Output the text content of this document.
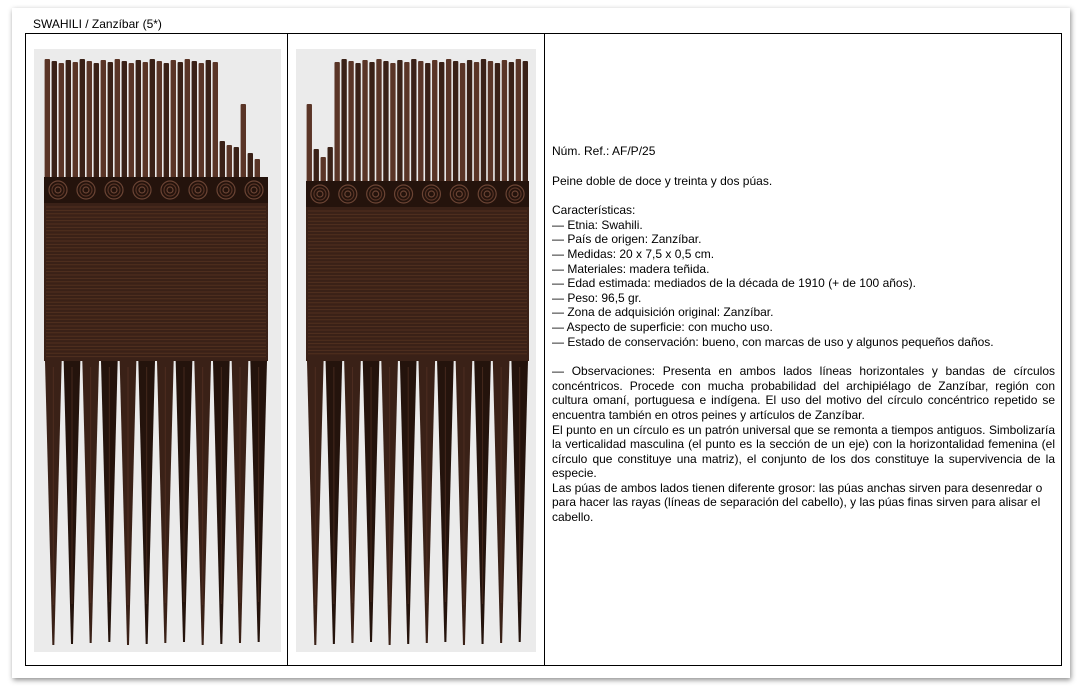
SWAHILI / Zanzíbar (5*)

Núm. Ref.: AF/P/25

Peine doble de doce y treinta y dos púas.

Características:

— Etnia: Swahili.

— País de origen: Zanzíbar.

— Medidas: 20 x 7,5 x 0,5 cm.

— Materiales: madera teñida.

— Edad estimada: mediados de la década de 1910 (+ de 100 años).

— Peso: 96,5 gr.

— Zona de adquisición original: Zanzíbar.

— Aspecto de superficie: con mucho uso.

— Estado de conservación: bueno, con marcas de uso y algunos pequeños daños.

— Observaciones: Presenta en ambos lados líneas horizontales y bandas de círculos concéntricos. Procede con mucha probabilidad del archipiélago de Zanzíbar, región con cultura omaní, portuguesa e indígena. El uso del motivo del círculo concéntrico repetido se encuentra también en otros peines y artículos de Zanzíbar.

El punto en un círculo es un patrón universal que se remonta a tiempos antiguos. Simbolizaría la verticalidad masculina (el punto es la sección de un eje) con la horizontalidad femenina (el círculo que constituye una matriz), el conjunto de los dos constituye la supervivencia de la especie.

Las púas de ambos lados tienen diferente grosor: las púas anchas sirven para desenredar o para hacer las rayas (líneas de separación del cabello), y las púas finas sirven para alisar el cabello.
